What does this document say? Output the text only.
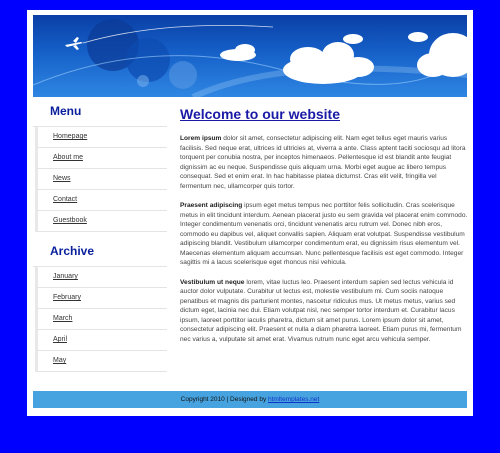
Menu
Homepage
About me
News
Contact
Guestbook
Archive
January
February
March
April
May
Welcome to our website

Lorem ipsum dolor sit amet, consectetur adipiscing elit. Nam eget tellus eget mauris varius facilisis. Sed neque erat, ultrices id ultricies at, viverra a ante. Class aptent taciti sociosqu ad litora torquent per conubia nostra, per inceptos himenaeos. Pellentesque id est blandit ante feugiat dignissim ac eu neque. Suspendisse quis aliquam urna. Morbi eget augue ac libero tempus consequat. Sed et enim erat. In hac habitasse platea dictumst. Cras elit velit, fringilla vel fermentum nec, ullamcorper quis tortor.

Praesent adipiscing ipsum eget metus tempus nec porttitor felis sollicitudin. Cras scelerisque metus in elit tincidunt interdum. Aenean placerat justo eu sem gravida vel placerat enim commodo. Integer condimentum venenatis orci, tincidunt venenatis arcu rutrum vel. Donec nibh eros, commodo eu dapibus vel, aliquet convallis sapien. Aliquam erat volutpat. Suspendisse vestibulum adipiscing blandit. Vestibulum ullamcorper condimentum erat, eu dignissim risus elementum vel. Maecenas elementum aliquam accumsan. Nunc pellentesque facilisis est eget commodo. Integer sagittis mi a lacus scelerisque eget rhoncus nisi vehicula.

Vestibulum ut neque lorem, vitae luctus leo. Praesent interdum sapien sed lectus vehicula id auctor dolor vulputate. Curabitur ut lectus est, molestie vestibulum mi. Cum sociis natoque penatibus et magnis dis parturient montes, nascetur ridiculus mus. Ut metus metus, varius sed dictum eget, lacinia nec dui. Etiam volutpat nisl, nec semper tortor interdum et. Curabitur lacus ipsum, laoreet porttitor iaculis pharetra, dictum sit amet purus. Lorem ipsum dolor sit amet, consectetur adipiscing elit. Praesent et nulla a diam pharetra laoreet. Etiam purus mi, fermentum nec varius a, vulputate sit amet erat. Vivamus rutrum nunc eget arcu vehicula semper.

Copyright 2010 | Designed by htmltemplates.net
